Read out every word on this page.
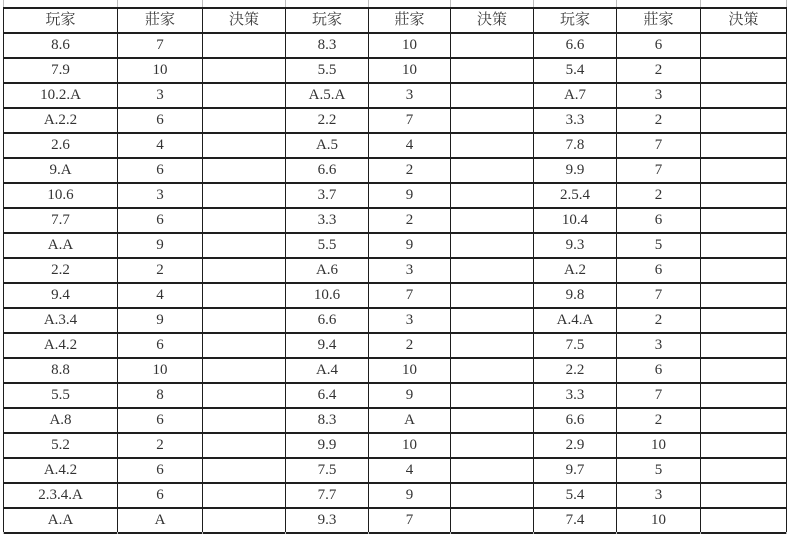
玩家	莊家	決策	玩家	莊家	決策	玩家	莊家	決策
8.6	7		8.3	10		6.6	6	
7.9	10		5.5	10		5.4	2	
10.2.A	3		A.5.A	3		A.7	3	
A.2.2	6		2.2	7		3.3	2	
2.6	4		A.5	4		7.8	7	
9.A	6		6.6	2		9.9	7	
10.6	3		3.7	9		2.5.4	2	
7.7	6		3.3	2		10.4	6	
A.A	9		5.5	9		9.3	5	
2.2	2		A.6	3		A.2	6	
9.4	4		10.6	7		9.8	7	
A.3.4	9		6.6	3		A.4.A	2	
A.4.2	6		9.4	2		7.5	3	
8.8	10		A.4	10		2.2	6	
5.5	8		6.4	9		3.3	7	
A.8	6		8.3	A		6.6	2	
5.2	2		9.9	10		2.9	10	
A.4.2	6		7.5	4		9.7	5	
2.3.4.A	6		7.7	9		5.4	3	
A.A	A		9.3	7		7.4	10	
